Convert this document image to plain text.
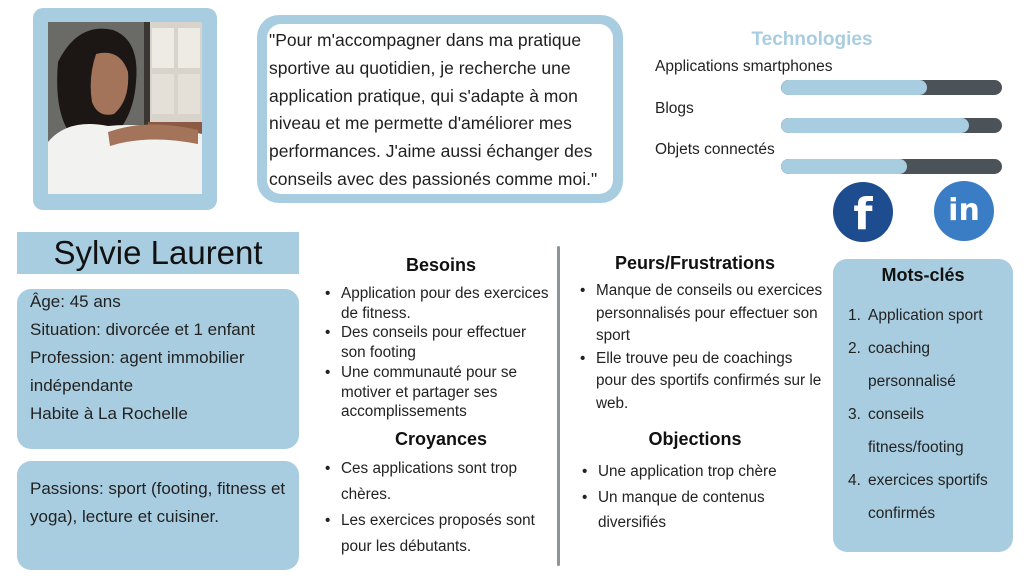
"Pour m'accompagner dans ma pratique sportive au quotidien, je recherche une application pratique, qui s'adapte à mon niveau et me permette d'améliorer mes performances. J'aime aussi échanger des conseils avec des passionés comme moi."
Technologies
Applications smartphones
Blogs
Objets connectés
f	in
Sylvie Laurent
Âge: 45 ans
Situation: divorcée et 1 enfant
Profession: agent immobilier indépendante
Habite à La Rochelle
Passions: sport (footing, fitness et yoga), lecture et cuisiner.
Besoins
• Application pour des exercices de fitness.
• Des conseils pour effectuer son footing
• Une communauté pour se motiver et partager ses accomplissements
Croyances
• Ces applications sont trop chères.
• Les exercices proposés sont pour les débutants.
Peurs/Frustrations
• Manque de conseils ou exercices personnalisés pour effectuer son sport
• Elle trouve peu de coachings pour des sportifs confirmés sur le web.
Objections
• Une application trop chère
• Un manque de contenus diversifiés
Mots-clés
1. Application sport
2. coaching personnalisé
3. conseils fitness/footing
4. exercices sportifs confirmés
